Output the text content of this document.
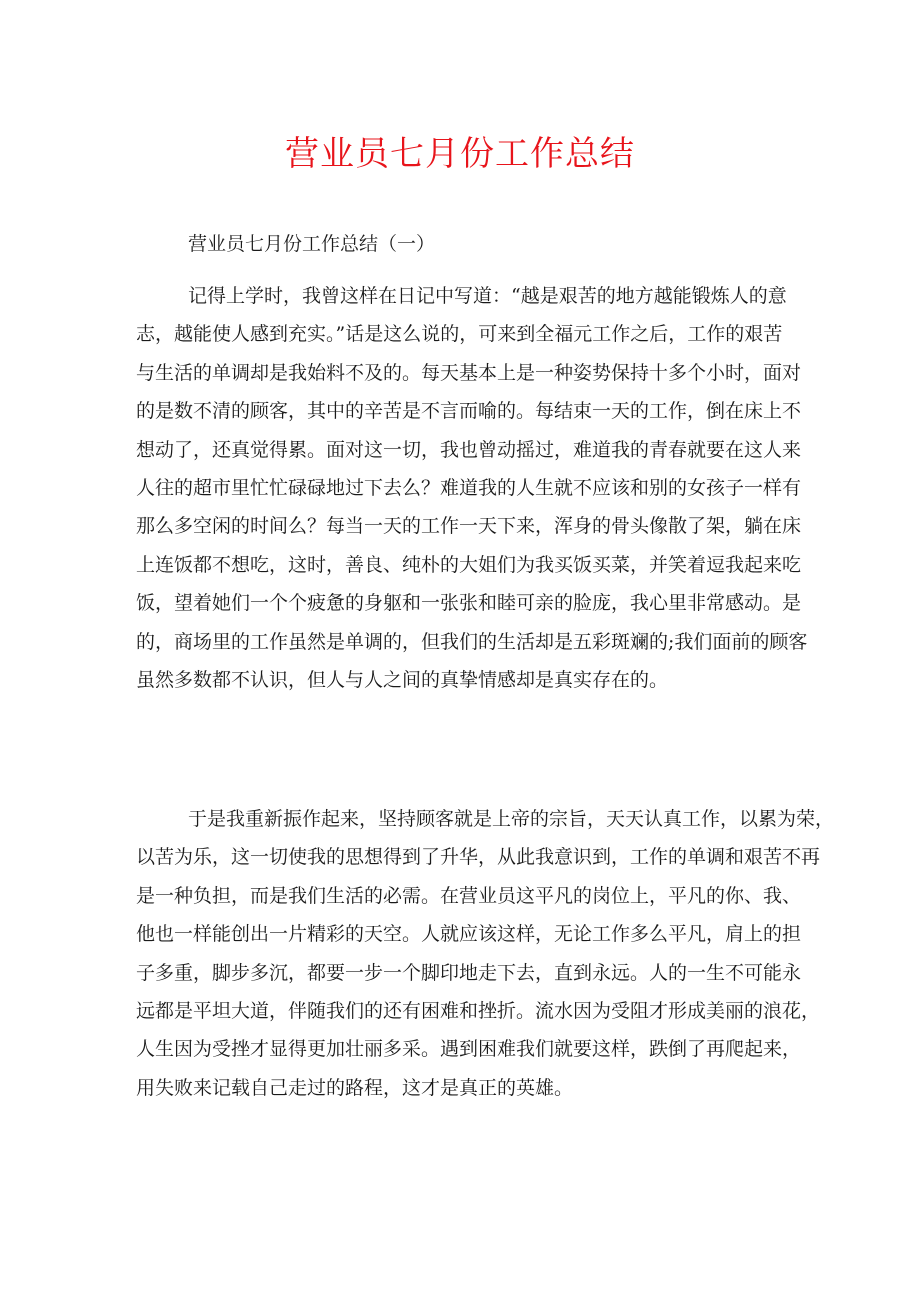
营业员七月份工作总结

营业员七月份工作总结（一）

记得上学时，我曾这样在日记中写道：“越是艰苦的地方越能锻炼人的意
志，越能使人感到充实。”话是这么说的，可来到全福元工作之后，工作的艰苦
与生活的单调却是我始料不及的。每天基本上是一种姿势保持十多个小时，面对
的是数不清的顾客，其中的辛苦是不言而喻的。每结束一天的工作，倒在床上不
想动了，还真觉得累。面对这一切，我也曾动摇过，难道我的青春就要在这人来
人往的超市里忙忙碌碌地过下去么？难道我的人生就不应该和别的女孩子一样有
那么多空闲的时间么？每当一天的工作一天下来，浑身的骨头像散了架，躺在床
上连饭都不想吃，这时，善良、纯朴的大姐们为我买饭买菜，并笑着逗我起来吃
饭，望着她们一个个疲惫的身躯和一张张和睦可亲的脸庞，我心里非常感动。是
的，商场里的工作虽然是单调的，但我们的生活却是五彩斑斓的;我们面前的顾客
虽然多数都不认识，但人与人之间的真挚情感却是真实存在的。
于是我重新振作起来，坚持顾客就是上帝的宗旨，天天认真工作，以累为荣，
以苦为乐，这一切使我的思想得到了升华，从此我意识到，工作的单调和艰苦不再
是一种负担，而是我们生活的必需。在营业员这平凡的岗位上，平凡的你、我、
他也一样能创出一片精彩的天空。人就应该这样，无论工作多么平凡，肩上的担
子多重，脚步多沉，都要一步一个脚印地走下去，直到永远。人的一生不可能永
远都是平坦大道，伴随我们的还有困难和挫折。流水因为受阻才形成美丽的浪花，
人生因为受挫才显得更加壮丽多采。遇到困难我们就要这样，跌倒了再爬起来，
用失败来记载自己走过的路程，这才是真正的英雄。
